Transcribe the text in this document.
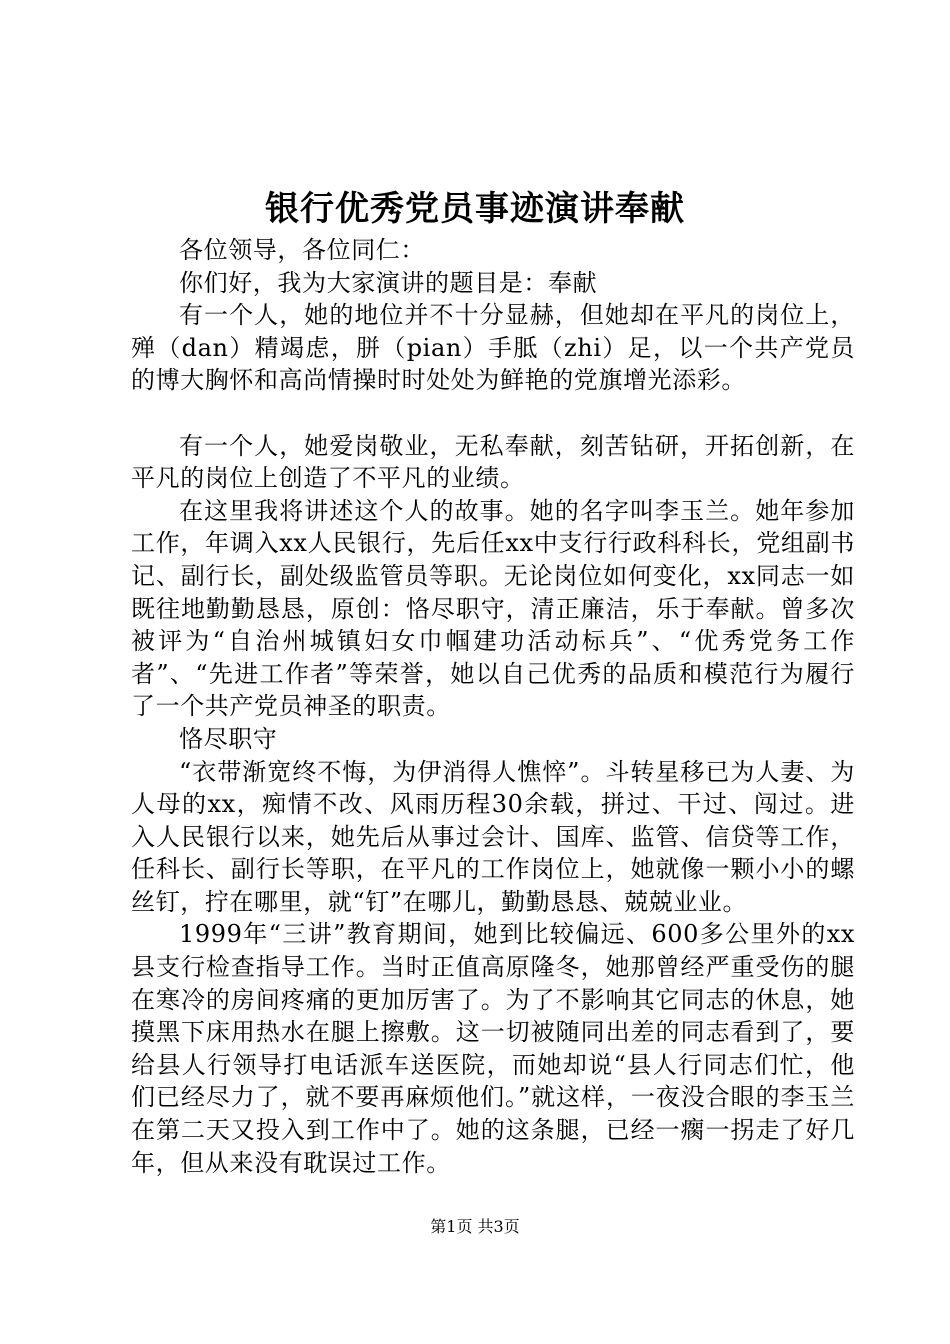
银行优秀党员事迹演讲奉献

各位领导，各位同仁：

你们好，我为大家演讲的题目是：奉献

有一个人，她的地位并不十分显赫，但她却在平凡的岗位上，殚（dan）精竭虑，胼（pian）手胝（zhi）足，以一个共产党员的博大胸怀和高尚情操时时处处为鲜艳的党旗增光添彩。

有一个人，她爱岗敬业，无私奉献，刻苦钻研，开拓创新，在平凡的岗位上创造了不平凡的业绩。

在这里我将讲述这个人的故事。她的名字叫李玉兰。她年参加工作，年调入xx人民银行，先后任xx中支行行政科科长，党组副书记、副行长，副处级监管员等职。无论岗位如何变化，xx同志一如既往地勤勤恳恳，原创：恪尽职守，清正廉洁，乐于奉献。曾多次被评为“自治州城镇妇女巾帼建功活动标兵”、“优秀党务工作者”、“先进工作者”等荣誉，她以自己优秀的品质和模范行为履行了一个共产党员神圣的职责。

恪尽职守

“衣带渐宽终不悔，为伊消得人憔悴”。斗转星移已为人妻、为人母的xx，痴情不改、风雨历程30余载，拼过、干过、闯过。进入人民银行以来，她先后从事过会计、国库、监管、信贷等工作，任科长、副行长等职，在平凡的工作岗位上，她就像一颗小小的螺丝钉，拧在哪里，就“钉”在哪儿，勤勤恳恳、兢兢业业。

1999年“三讲”教育期间，她到比较偏远、600多公里外的xx县支行检查指导工作。当时正值高原隆冬，她那曾经严重受伤的腿在寒冷的房间疼痛的更加厉害了。为了不影响其它同志的休息，她摸黑下床用热水在腿上擦敷。这一切被随同出差的同志看到了，要给县人行领导打电话派车送医院，而她却说“县人行同志们忙，他们已经尽力了，就不要再麻烦他们。”就这样，一夜没合眼的李玉兰在第二天又投入到工作中了。她的这条腿，已经一瘸一拐走了好几年，但从来没有耽误过工作。

第1页 共3页
